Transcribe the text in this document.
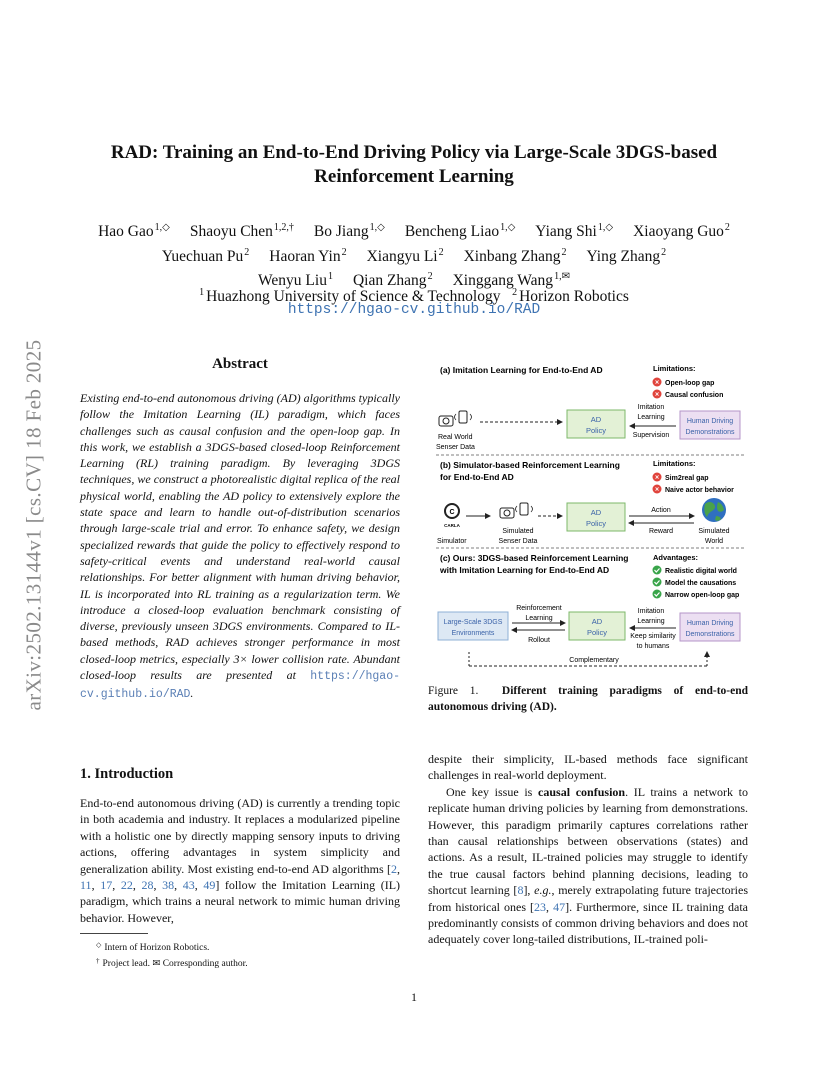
arXiv:2502.13144v1 [cs.CV] 18 Feb 2025
RAD: Training an End-to-End Driving Policy via Large-Scale 3DGS-based Reinforcement Learning
Hao Gao$^{1,◇}$ Shaoyu Chen$^{1,2,\dagger}$ Bo Jiang$^{1,◇}$ Bencheng Liao$^{1,◇}$ Yiang Shi$^{1,◇}$ Xiaoyang Guo$^2$
Yuechuan Pu$^2$ Haoran Yin$^2$ Xiangyu Li$^2$ Xinbang Zhang$^2$ Ying Zhang$^2$
Wenyu Liu$^1$ Qian Zhang$^2$ Xinggang Wang$^{1,✉}$
$^1$ Huazhong University of Science & Technology $^2$ Horizon Robotics
https://hgao-cv.github.io/RAD
Abstract
Existing end-to-end autonomous driving (AD) algorithms typically follow the Imitation Learning (IL) paradigm, which faces challenges such as causal confusion and the open-loop gap. In this work, we establish a 3DGS-based closed-loop Reinforcement Learning (RL) training paradigm. By leveraging 3DGS techniques, we construct a photorealistic digital replica of the real physical world, enabling the AD policy to extensively explore the state space and learn to handle out-of-distribution scenarios through large-scale trial and error. To enhance safety, we design specialized rewards that guide the policy to effectively respond to safety-critical events and understand real-world causal relationships. For better alignment with human driving behavior, IL is incorporated into RL training as a regularization term. We introduce a closed-loop evaluation benchmark consisting of diverse, previously unseen 3DGS environments. Compared to IL-based methods, RAD achieves stronger performance in most closed-loop metrics, especially 3× lower collision rate. Abundant closed-loop results are presented at https://hgao-cv.github.io/RAD.
1. Introduction
End-to-end autonomous driving (AD) is currently a trending topic in both academia and industry. It replaces a modularized pipeline with a holistic one by directly mapping sensory inputs to driving actions, offering advantages in system simplicity and generalization ability. Most existing end-to-end AD algorithms [2, 11, 17, 22, 28, 38, 43, 49] follow the Imitation Learning (IL) paradigm, which trains a neural network to mimic human driving behavior. However,
◇ Intern of Horizon Robotics.
† Project lead. ✉ Corresponding author.
(a) Imitation Learning for End-to-End AD	Limitations:
× Open-loop gap
× Causal confusion
Real World
Senser Data
AD
Policy
Imitation
Learning
Supervision
Human Driving
Demonstrations
(b) Simulator-based Reinforcement Learning
for End-to-End AD
Limitations:
× Sim2real gap
× Naive actor behavior
C
CARLA
Simulator
Simulated
Senser Data
AD
Policy
Action
Reward	Simulated
World
(c) Ours: 3DGS-based Reinforcement Learning
with Imitation Learning for End-to-End AD
Advantages:
Realistic digital world
Model the causations
Narrow open-loop gap
Large-Scale 3DGS
Environments
Reinforcement
Learning
Rollout
AD
Policy
Imitation
Learning
Keep similarity
to humans
Human Driving
Demonstrations
Complementary
Figure 1. Different training paradigms of end-to-end autonomous driving (AD).

despite their simplicity, IL-based methods face significant challenges in real-world deployment.

One key issue is causal confusion. IL trains a network to replicate human driving policies by learning from demonstrations. However, this paradigm primarily captures correlations rather than causal relationships between observations (states) and actions. As a result, IL-trained policies may struggle to identify the true causal factors behind planning decisions, leading to shortcut learning [8], e.g., merely extrapolating future trajectories from historical ones [23, 47]. Furthermore, since IL training data predominantly consists of common driving behaviors and does not adequately cover long-tailed distributions, IL-trained poli-

1
